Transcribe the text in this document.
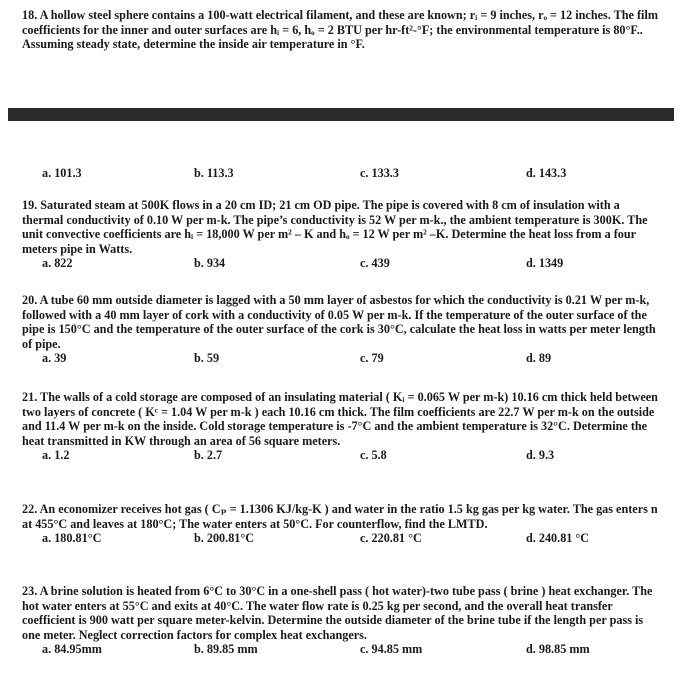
18. A hollow steel sphere contains a 100-watt electrical filament, and these are known; rᵢ = 9 inches, rₒ = 12 inches. The film coefficients for the inner and outer surfaces are hᵢ = 6, hₒ = 2 BTU per hr-ft²-°F; the environmental temperature is 80°F.. Assuming steady state, determine the inside air temperature in °F.

a. 101.3	b. 113.3	c. 133.3	d. 143.3

19. Saturated steam at 500K flows in a 20 cm ID; 21 cm OD pipe. The pipe is covered with 8 cm of insulation with a thermal conductivity of 0.10 W per m-k. The pipe’s conductivity is 52 W per m-k., the ambient temperature is 300K. The unit convective coefficients are hᵢ = 18,000 W per m² – K and hₒ = 12 W per m² –K. Determine the heat loss from a four meters pipe in Watts.

a. 822	b. 934	c. 439	d. 1349

20. A tube 60 mm outside diameter is lagged with a 50 mm layer of asbestos for which the conductivity is 0.21 W per m-k, followed with a 40 mm layer of cork with a conductivity of 0.05 W per m-k. If the temperature of the outer surface of the pipe is 150°C and the temperature of the outer surface of the cork is 30°C, calculate the heat loss in watts per meter length of pipe.

a. 39	b. 59	c. 79	d. 89

21. The walls of a cold storage are composed of an insulating material ( Kᵢ = 0.065 W per m-k) 10.16 cm thick held between two layers of concrete ( Kᶜ = 1.04 W per m-k ) each 10.16 cm thick. The film coefficients are 22.7 W per m-k on the outside and 11.4 W per m-k on the inside. Cold storage temperature is -7°C and the ambient temperature is 32°C. Determine the heat transmitted in KW through an area of 56 square meters.

a. 1.2	b. 2.7	c. 5.8	d. 9.3

22. An economizer receives hot gas ( Cₚ = 1.1306 KJ/kg-K ) and water in the ratio 1.5 kg gas per kg water. The gas enters n at 455°C and leaves at 180°C; The water enters at 50°C. For counterflow, find the LMTD.

a. 180.81°C	b. 200.81°C	c. 220.81 °C	d. 240.81 °C

23. A brine solution is heated from 6°C to 30°C in a one-shell pass ( hot water)-two tube pass ( brine ) heat exchanger. The hot water enters at 55°C and exits at 40°C. The water flow rate is 0.25 kg per second, and the overall heat transfer coefficient is 900 watt per square meter-kelvin. Determine the outside diameter of the brine tube if the length per pass is one meter. Neglect correction factors for complex heat exchangers.

a. 84.95mm	b. 89.85 mm	c. 94.85 mm	d. 98.85 mm
